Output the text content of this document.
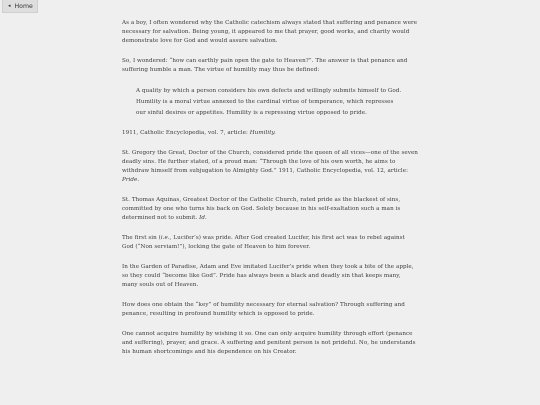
◂ Home

As a boy, I often wondered why the Catholic catechism always stated that suffering and penance were necessary for salvation. Being young, it appeared to me that prayer, good works, and charity would demonstrate love for God and would assure salvation.

So, I wondered: “how can earthly pain open the gate to Heaven?”. The answer is that penance and suffering humble a man. The virtue of humility may thus be defined:

A quality by which a person considers his own defects and willingly submits himself to God. Humility is a moral virtue annexed to the cardinal virtue of temperance, which represses our sinful desires or appetites. Humility is a repressing virtue opposed to pride.

1911, Catholic Encyclopedia, vol. 7, article: Humility.

St. Gregory the Great, Doctor of the Church, considered pride the queen of all vices—one of the seven deadly sins. He further stated, of a proud man: “Through the love of his own worth, he aims to withdraw himself from subjugation to Almighty God.” 1911, Catholic Encyclopedia, vol. 12, article: Pride.

St. Thomas Aquinas, Greatest Doctor of the Catholic Church, rated pride as the blackest of sins, committed by one who turns his back on God. Solely because in his self-exaltation such a man is determined not to submit. Id.

The first sin (i.e., Lucifer’s) was pride. After God created Lucifer, his first act was to rebel against God (“Non serviam!”), locking the gate of Heaven to him forever.

In the Garden of Paradise, Adam and Eve imitated Lucifer’s pride when they took a bite of the apple, so they could “become like God”. Pride has always been a black and deadly sin that keeps many, many souls out of Heaven.

How does one obtain the “key” of humility necessary for eternal salvation? Through suffering and penance, resulting in profound humility which is opposed to pride.

One cannot acquire humility by wishing it so. One can only acquire humility through effort (penance and suffering), prayer, and grace. A suffering and penitent person is not prideful. No, he understands his human shortcomings and his dependence on his Creator.
